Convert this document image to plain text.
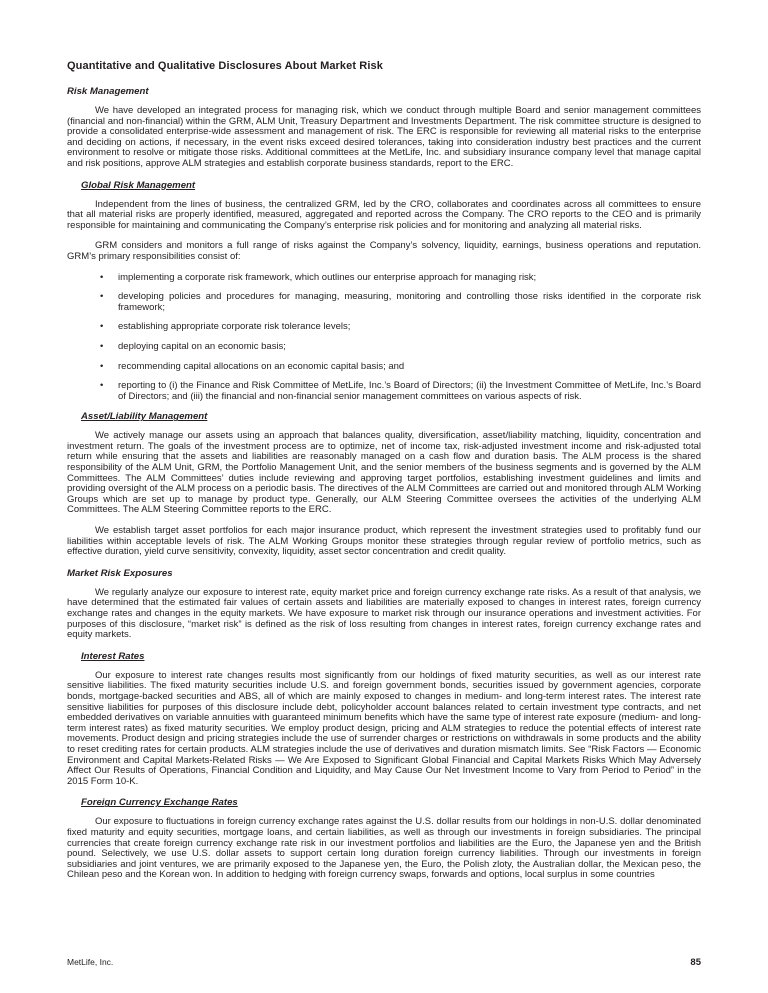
Quantitative and Qualitative Disclosures About Market Risk
Risk Management

We have developed an integrated process for managing risk, which we conduct through multiple Board and senior management committees (financial and non-financial) within the GRM, ALM Unit, Treasury Department and Investments Department. The risk committee structure is designed to provide a consolidated enterprise-wide assessment and management of risk. The ERC is responsible for reviewing all material risks to the enterprise and deciding on actions, if necessary, in the event risks exceed desired tolerances, taking into consideration industry best practices and the current environment to resolve or mitigate those risks. Additional committees at the MetLife, Inc. and subsidiary insurance company level that manage capital and risk positions, approve ALM strategies and establish corporate business standards, report to the ERC.

Global Risk Management

Independent from the lines of business, the centralized GRM, led by the CRO, collaborates and coordinates across all committees to ensure that all material risks are properly identified, measured, aggregated and reported across the Company. The CRO reports to the CEO and is primarily responsible for maintaining and communicating the Company’s enterprise risk policies and for monitoring and analyzing all material risks.

GRM considers and monitors a full range of risks against the Company’s solvency, liquidity, earnings, business operations and reputation. GRM’s primary responsibilities consist of:

•	implementing a corporate risk framework, which outlines our enterprise approach for managing risk;
•	developing policies and procedures for managing, measuring, monitoring and controlling those risks identified in the corporate risk framework;
•	establishing appropriate corporate risk tolerance levels;
•	deploying capital on an economic basis;
•	recommending capital allocations on an economic capital basis; and
•	reporting to (i) the Finance and Risk Committee of MetLife, Inc.’s Board of Directors; (ii) the Investment Committee of MetLife, Inc.’s Board of Directors; and (iii) the financial and non-financial senior management committees on various aspects of risk.
Asset/Liability Management

We actively manage our assets using an approach that balances quality, diversification, asset/liability matching, liquidity, concentration and investment return. The goals of the investment process are to optimize, net of income tax, risk-adjusted investment income and risk-adjusted total return while ensuring that the assets and liabilities are reasonably managed on a cash flow and duration basis. The ALM process is the shared responsibility of the ALM Unit, GRM, the Portfolio Management Unit, and the senior members of the business segments and is governed by the ALM Committees. The ALM Committees’ duties include reviewing and approving target portfolios, establishing investment guidelines and limits and providing oversight of the ALM process on a periodic basis. The directives of the ALM Committees are carried out and monitored through ALM Working Groups which are set up to manage by product type. Generally, our ALM Steering Committee oversees the activities of the underlying ALM Committees. The ALM Steering Committee reports to the ERC.

We establish target asset portfolios for each major insurance product, which represent the investment strategies used to profitably fund our liabilities within acceptable levels of risk. The ALM Working Groups monitor these strategies through regular review of portfolio metrics, such as effective duration, yield curve sensitivity, convexity, liquidity, asset sector concentration and credit quality.

Market Risk Exposures

We regularly analyze our exposure to interest rate, equity market price and foreign currency exchange rate risks. As a result of that analysis, we have determined that the estimated fair values of certain assets and liabilities are materially exposed to changes in interest rates, foreign currency exchange rates and changes in the equity markets. We have exposure to market risk through our insurance operations and investment activities. For purposes of this disclosure, “market risk” is defined as the risk of loss resulting from changes in interest rates, foreign currency exchange rates and equity markets.

Interest Rates

Our exposure to interest rate changes results most significantly from our holdings of fixed maturity securities, as well as our interest rate sensitive liabilities. The fixed maturity securities include U.S. and foreign government bonds, securities issued by government agencies, corporate bonds, mortgage-backed securities and ABS, all of which are mainly exposed to changes in medium- and long-term interest rates. The interest rate sensitive liabilities for purposes of this disclosure include debt, policyholder account balances related to certain investment type contracts, and net embedded derivatives on variable annuities with guaranteed minimum benefits which have the same type of interest rate exposure (medium- and long-term interest rates) as fixed maturity securities. We employ product design, pricing and ALM strategies to reduce the potential effects of interest rate movements. Product design and pricing strategies include the use of surrender charges or restrictions on withdrawals in some products and the ability to reset crediting rates for certain products. ALM strategies include the use of derivatives and duration mismatch limits. See “Risk Factors — Economic Environment and Capital Markets-Related Risks — We Are Exposed to Significant Global Financial and Capital Markets Risks Which May Adversely Affect Our Results of Operations, Financial Condition and Liquidity, and May Cause Our Net Investment Income to Vary from Period to Period” in the 2015 Form 10-K.

Foreign Currency Exchange Rates

Our exposure to fluctuations in foreign currency exchange rates against the U.S. dollar results from our holdings in non-U.S. dollar denominated fixed maturity and equity securities, mortgage loans, and certain liabilities, as well as through our investments in foreign subsidiaries. The principal currencies that create foreign currency exchange rate risk in our investment portfolios and liabilities are the Euro, the Japanese yen and the British pound. Selectively, we use U.S. dollar assets to support certain long duration foreign currency liabilities. Through our investments in foreign subsidiaries and joint ventures, we are primarily exposed to the Japanese yen, the Euro, the Polish zloty, the Australian dollar, the Mexican peso, the Chilean peso and the Korean won. In addition to hedging with foreign currency swaps, forwards and options, local surplus in some countries

MetLife, Inc.	85
